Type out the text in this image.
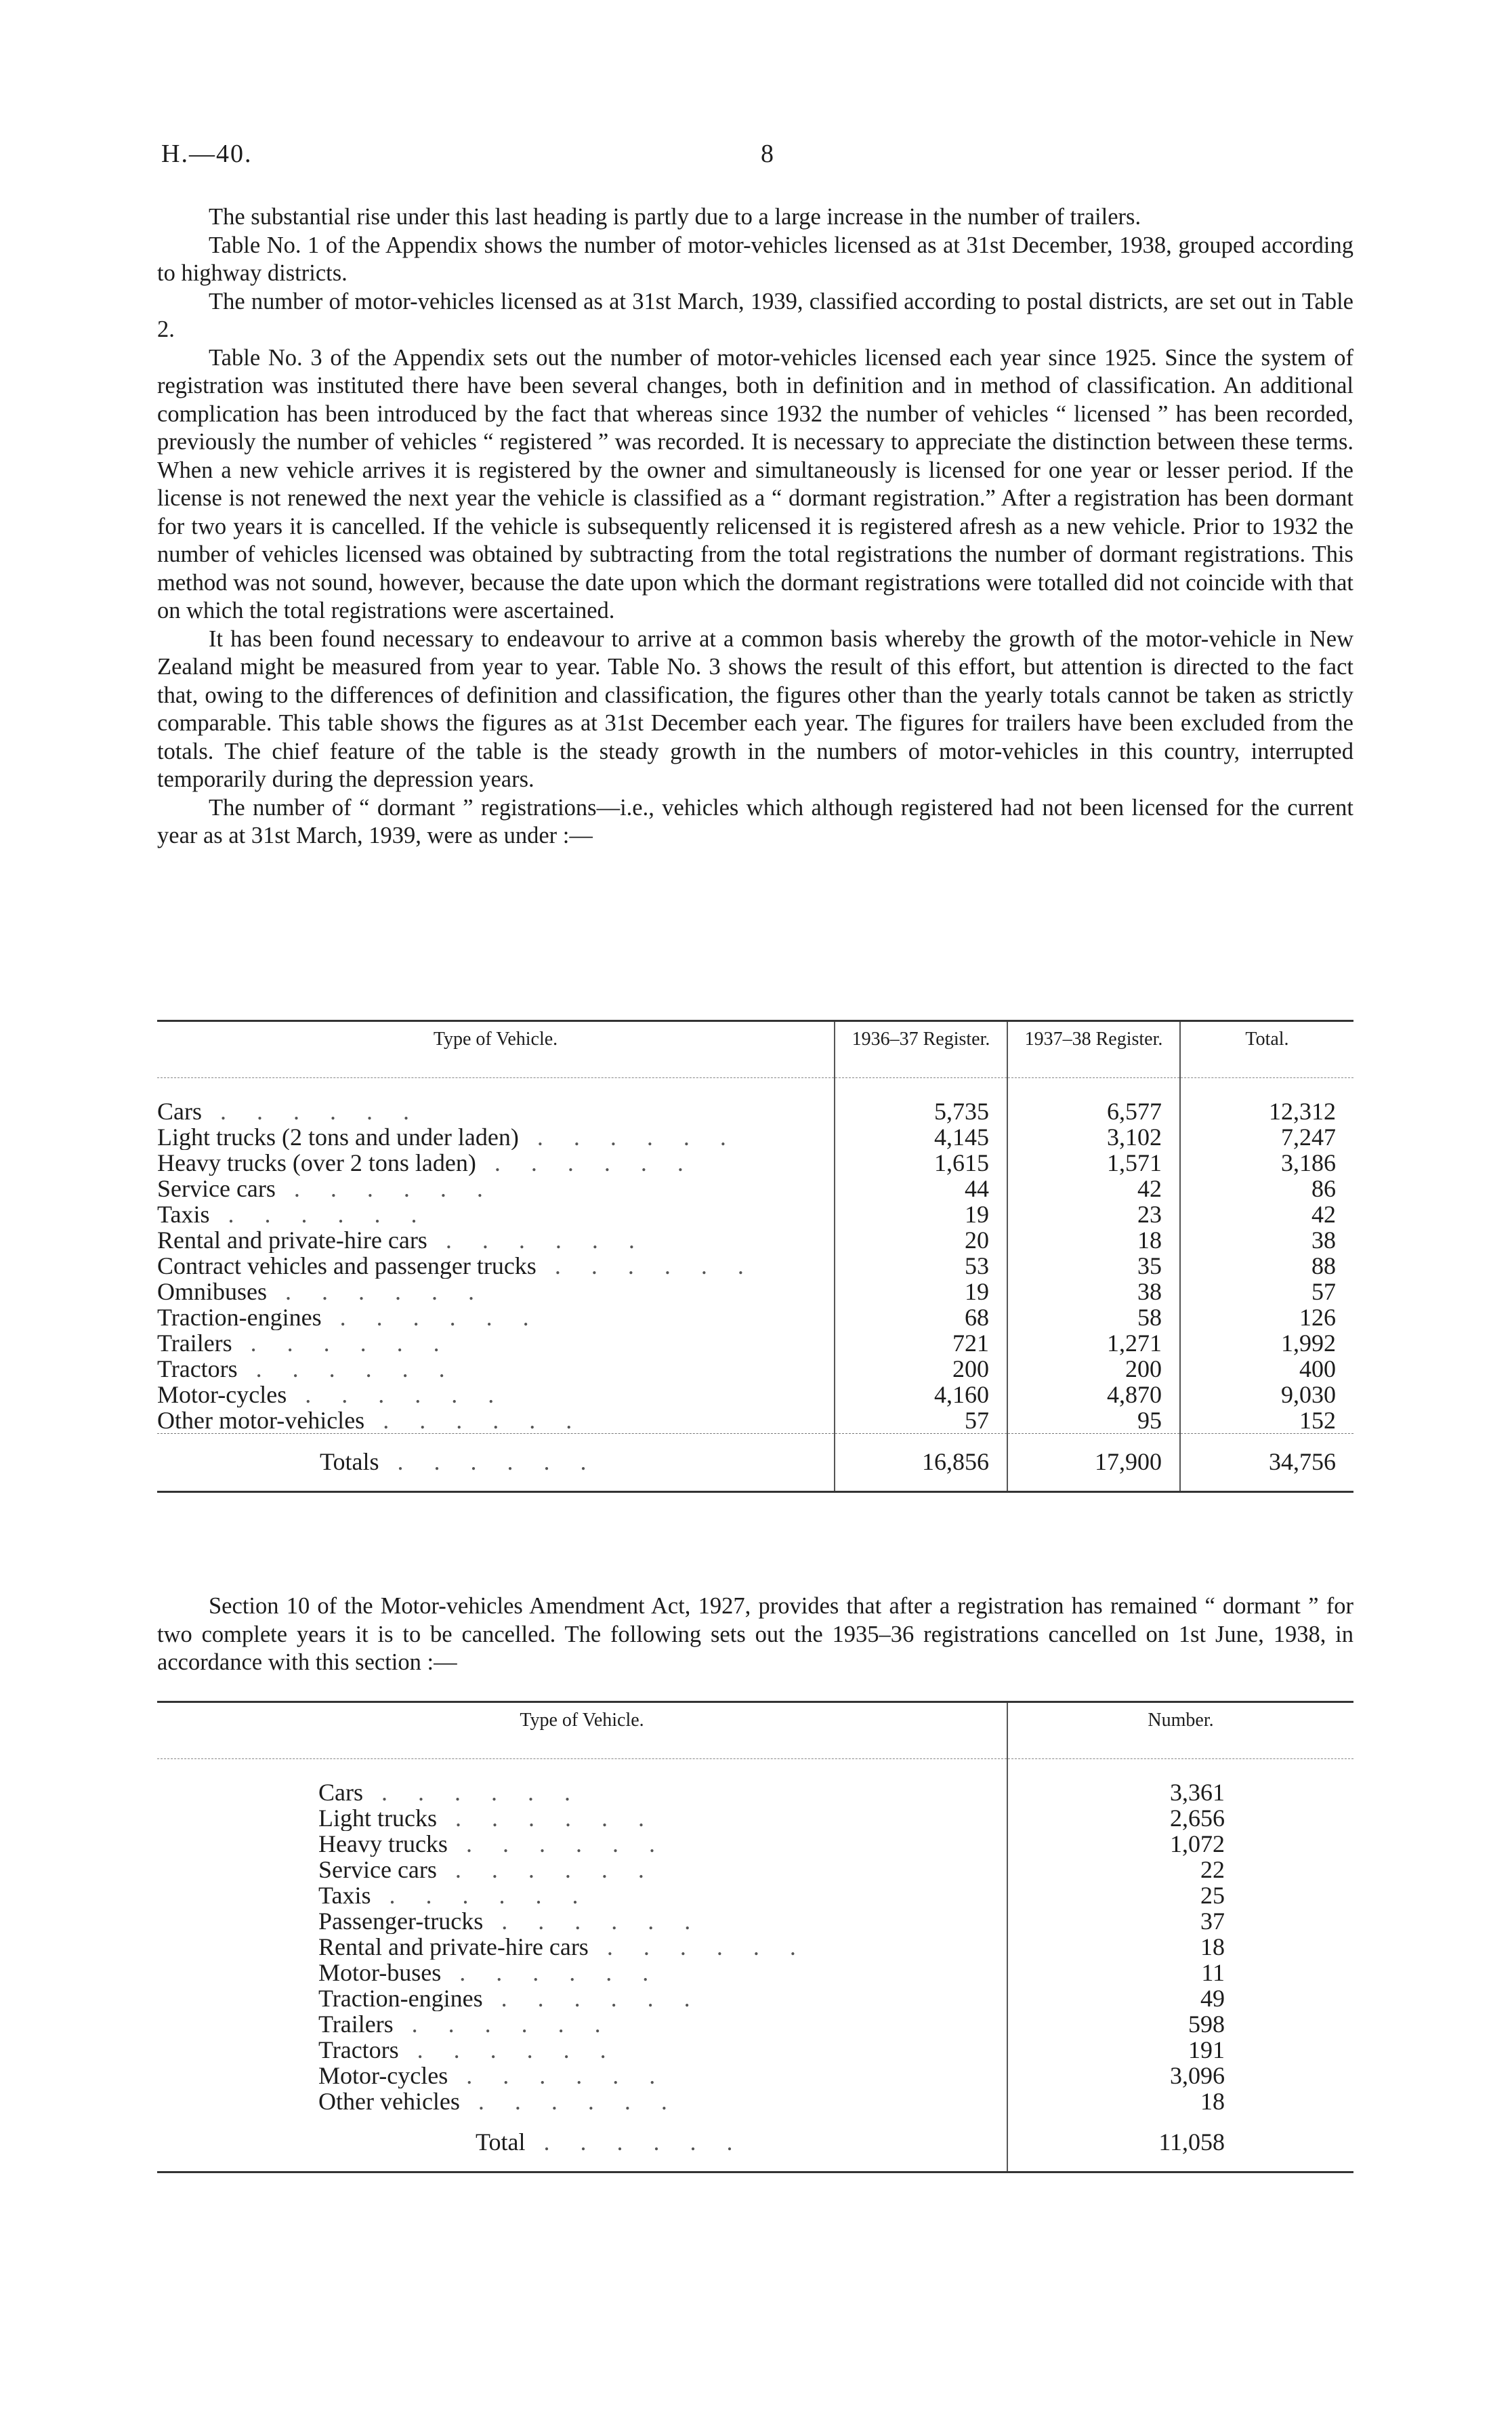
H.—40.	8

The substantial rise under this last heading is partly due to a large increase in the number of trailers.

Table No. 1 of the Appendix shows the number of motor-vehicles licensed as at 31st December, 1938, grouped according to highway districts.

The number of motor-vehicles licensed as at 31st March, 1939, classified according to postal districts, are set out in Table 2.

Table No. 3 of the Appendix sets out the number of motor-vehicles licensed each year since 1925. Since the system of registration was instituted there have been several changes, both in definition and in method of classification. An additional complication has been introduced by the fact that whereas since 1932 the number of vehicles “ licensed ” has been recorded, previously the number of vehicles “ registered ” was recorded. It is necessary to appreciate the distinction between these terms. When a new vehicle arrives it is registered by the owner and simultaneously is licensed for one year or lesser period. If the license is not renewed the next year the vehicle is classified as a “ dormant registration.” After a registration has been dormant for two years it is cancelled. If the vehicle is subsequently relicensed it is registered afresh as a new vehicle. Prior to 1932 the number of vehicles licensed was obtained by subtracting from the total registrations the number of dormant registrations. This method was not sound, however, because the date upon which the dormant registrations were totalled did not coincide with that on which the total registrations were ascertained.

It has been found necessary to endeavour to arrive at a common basis whereby the growth of the motor-vehicle in New Zealand might be measured from year to year. Table No. 3 shows the result of this effort, but attention is directed to the fact that, owing to the differences of definition and classification, the figures other than the yearly totals cannot be taken as strictly comparable. This table shows the figures as at 31st December each year. The figures for trailers have been excluded from the totals. The chief feature of the table is the steady growth in the numbers of motor-vehicles in this country, interrupted temporarily during the depression years.

The number of “ dormant ” registrations—i.e., vehicles which although registered had not been licensed for the current year as at 31st March, 1939, were as under :—

Type of Vehicle.	1936–37 Register.	1937–38 Register.	Total.
Cars . . . . . .	5,735	6,577	12,312
Light trucks (2 tons and under laden) . . . . . .	4,145	3,102	7,247
Heavy trucks (over 2 tons laden) . . . . . .	1,615	1,571	3,186
Service cars . . . . . .	44	42	86
Taxis . . . . . .	19	23	42
Rental and private-hire cars . . . . . .	20	18	38
Contract vehicles and passenger trucks . . . . . .	53	35	88
Omnibuses . . . . . .	19	38	57
Traction-engines . . . . . .	68	58	126
Trailers . . . . . .	721	1,271	1,992
Tractors . . . . . .	200	200	400
Motor-cycles . . . . . .	4,160	4,870	9,030
Other motor-vehicles . . . . . .	57	95	152
Totals . . . . . .	16,856	17,900	34,756

Section 10 of the Motor-vehicles Amendment Act, 1927, provides that after a registration has remained “ dormant ” for two complete years it is to be cancelled. The following sets out the 1935–36 registrations cancelled on 1st June, 1938, in accordance with this section :—

Type of Vehicle.	Number.
Cars . . . . . .	3,361
Light trucks . . . . . .	2,656
Heavy trucks . . . . . .	1,072
Service cars . . . . . .	22
Taxis . . . . . .	25
Passenger-trucks . . . . . .	37
Rental and private-hire cars . . . . . .	18
Motor-buses . . . . . .	11
Traction-engines . . . . . .	49
Trailers . . . . . .	598
Tractors . . . . . .	191
Motor-cycles . . . . . .	3,096
Other vehicles . . . . . .	18
Total . . . . . .	11,058
